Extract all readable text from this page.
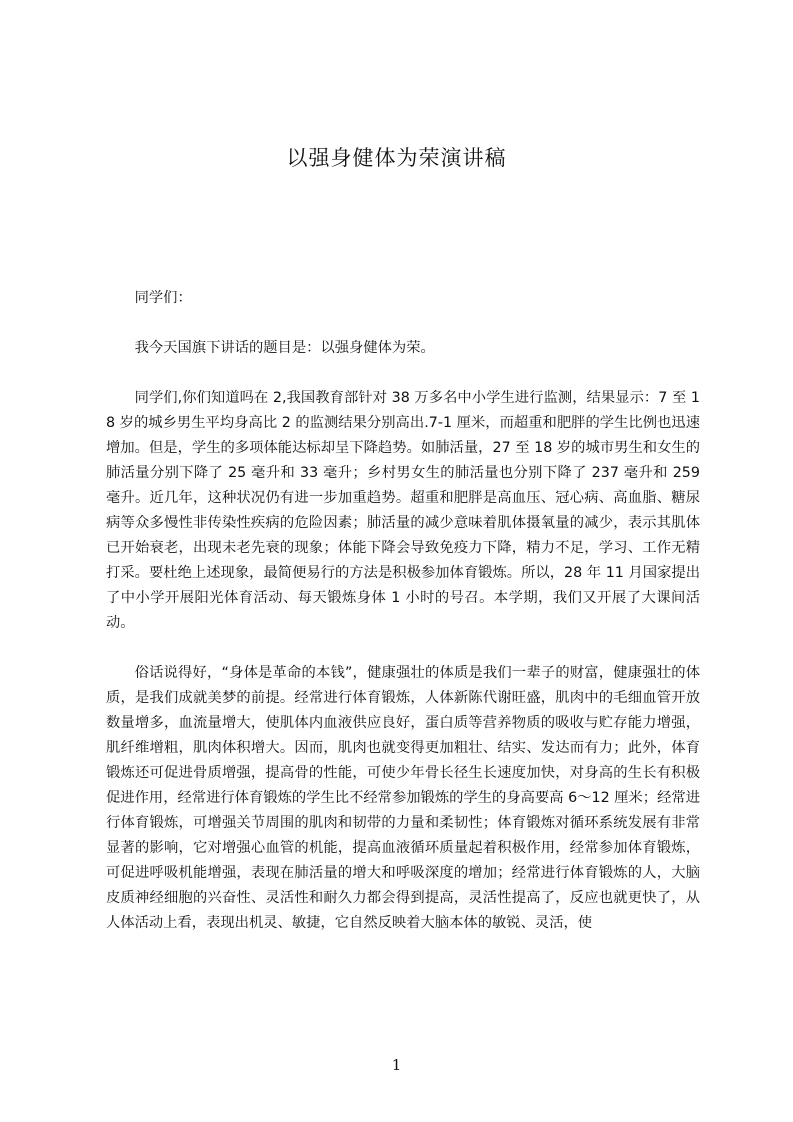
以强身健体为荣演讲稿

同学们：

我今天国旗下讲话的题目是：以强身健体为荣。

同学们,你们知道吗在 2,我国教育部针对 38 万多名中小学生进行监测，结果显示：7 至 18 岁的城乡男生平均身高比 2 的监测结果分别高出.7-1 厘米，而超重和肥胖的学生比例也迅速增加。但是，学生的多项体能达标却呈下降趋势。如肺活量，27 至 18 岁的城市男生和女生的肺活量分别下降了 25 毫升和 33 毫升；乡村男女生的肺活量也分别下降了 237 毫升和 259 毫升。近几年，这种状况仍有进一步加重趋势。超重和肥胖是高血压、冠心病、高血脂、糖尿病等众多慢性非传染性疾病的危险因素；肺活量的减少意味着肌体摄氧量的减少，表示其肌体已开始衰老，出现未老先衰的现象；体能下降会导致免疫力下降，精力不足，学习、工作无精打采。要杜绝上述现象，最简便易行的方法是积极参加体育锻炼。所以，28 年 11 月国家提出了中小学开展阳光体育活动、每天锻炼身体 1 小时的号召。本学期，我们又开展了大课间活动。

俗话说得好，“身体是革命的本钱”，健康强壮的体质是我们一辈子的财富，健康强壮的体质，是我们成就美梦的前提。经常进行体育锻炼，人体新陈代谢旺盛，肌肉中的毛细血管开放数量增多，血流量增大，使肌体内血液供应良好，蛋白质等营养物质的吸收与贮存能力增强，肌纤维增粗，肌肉体积增大。因而，肌肉也就变得更加粗壮、结实、发达而有力；此外，体育锻炼还可促进骨质增强，提高骨的性能，可使少年骨长径生长速度加快，对身高的生长有积极促进作用，经常进行体育锻炼的学生比不经常参加锻炼的学生的身高要高 6～12 厘米；经常进行体育锻炼，可增强关节周围的肌肉和韧带的力量和柔韧性；体育锻炼对循环系统发展有非常显著的影响，它对增强心血管的机能，提高血液循环质量起着积极作用，经常参加体育锻炼，可促进呼吸机能增强，表现在肺活量的增大和呼吸深度的增加；经常进行体育锻炼的人，大脑皮质神经细胞的兴奋性、灵活性和耐久力都会得到提高，灵活性提高了，反应也就更快了，从人体活动上看，表现出机灵、敏捷，它自然反映着大脑本体的敏锐、灵活，使

1
